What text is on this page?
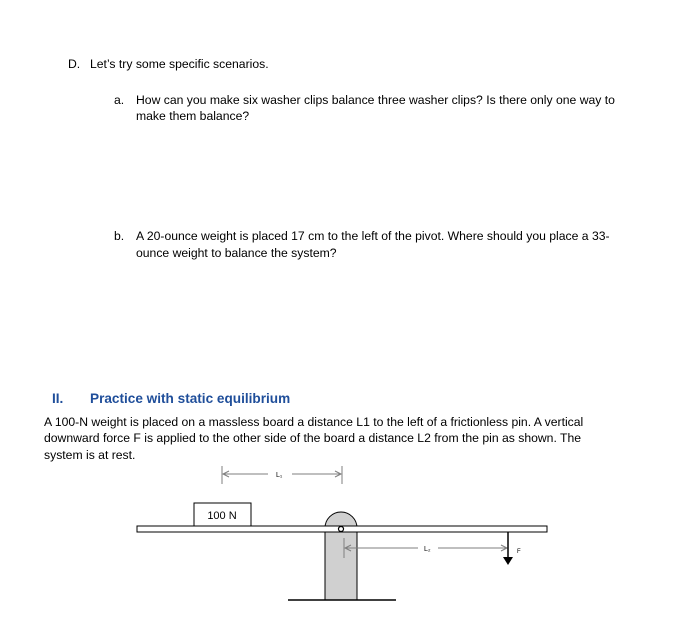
D. Let’s try some specific scenarios.
a. How can you make six washer clips balance three washer clips? Is there only one way to
make them balance?
b. A 20-ounce weight is placed 17 cm to the left of the pivot. Where should you place a 33-
ounce weight to balance the system?
II. Practice with static equilibrium
A 100-N weight is placed on a massless board a distance L1 to the left of a frictionless pin. A vertical
downward force F is applied to the other side of the board a distance L2 from the pin as shown. The
system is at rest.
L₁
100 N
L₂	F
